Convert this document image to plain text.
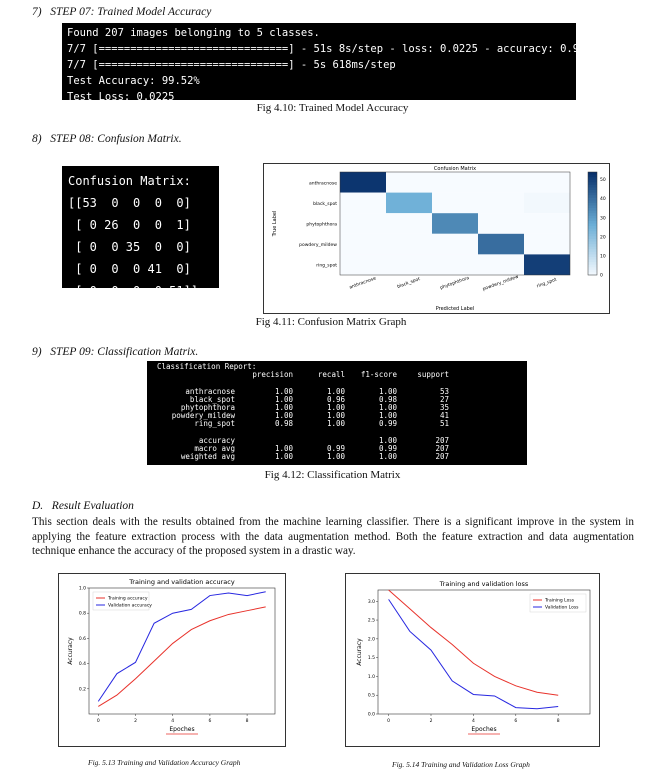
7)   STEP 07: Trained Model Accuracy
Found 207 images belonging to 5 classes.
7/7 [==============================] - 51s 8s/step - loss: 0.0225 - accuracy: 0.9952
7/7 [==============================] - 5s 618ms/step
Test Accuracy: 99.52%
Test Loss: 0.0225
Fig 4.10: Trained Model Accuracy
8)   STEP 08: Confusion Matrix.
Confusion Matrix:
[[53  0  0  0  0]
[ 0 26  0  0  1]
[ 0  0 35  0  0]
[ 0  0  0 41  0]
[ 0  0  0  0 51]]
Confusion Matrix
anthracnose
anthracnose
black_spot
black_spot
phytophthora
phytophthora
powdery_mildew
powdery_mildew
ring_spot
ring_spot
Predicted Label
True Label
0
10
20
30
40
50
Fig 4.11: Confusion Matrix Graph
9)   STEP 09: Classification Matrix.
Classification Report:
	precision	recall	f1-score	support

anthracnose	1.00	1.00	1.00	53
black_spot	1.00	0.96	0.98	27
phytophthora	1.00	1.00	1.00	35
powdery_mildew	1.00	1.00	1.00	41
ring_spot	0.98	1.00	0.99	51

accuracy			1.00	207
macro avg	1.00	0.99	0.99	207
weighted avg	1.00	1.00	1.00	207
Fig 4.12: Classification Matrix
D.   Result Evaluation
This section deals with the results obtained from the machine learning classifier. There is a significant improve in the system in applying the feature extraction process with the data augmentation method. Both the feature extraction and data augmentation technique enhance the accuracy of the proposed system in a drastic way.
Training and validation accuracy
0	2	4	6	8
0.2
0.4
0.6
0.8
1.0
Epoches
Accuracy
Training accuracy
Validation accuracy
Fig. 5.13 Training and Validation Accuracy Graph
Training and validation loss
0	2	4	6	8
0.0
0.5
1.0
1.5
2.0
2.5
3.0
Epoches
Accuracy
Training Loss
Validation Loss
Fig. 5.14 Training and Validation Loss Graph
